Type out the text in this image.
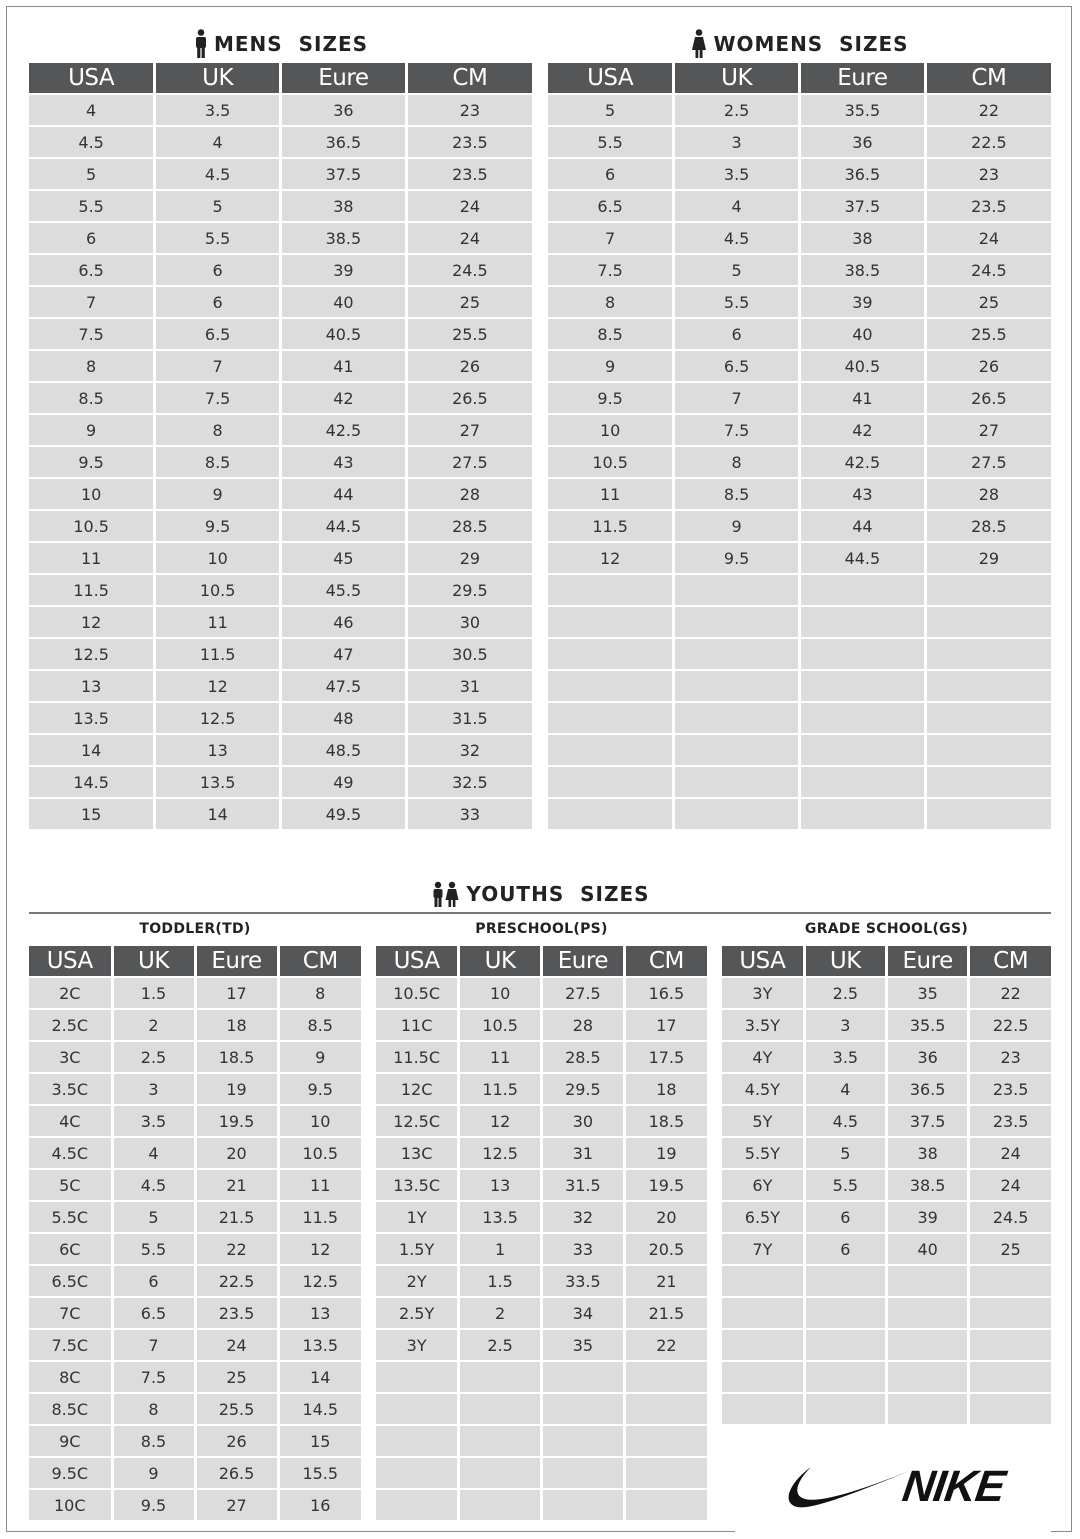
MENS  SIZES
USA	UK	Eure	CM
4	3.5	36	23
4.5	4	36.5	23.5
5	4.5	37.5	23.5
5.5	5	38	24
6	5.5	38.5	24
6.5	6	39	24.5
7	6	40	25
7.5	6.5	40.5	25.5
8	7	41	26
8.5	7.5	42	26.5
9	8	42.5	27
9.5	8.5	43	27.5
10	9	44	28
10.5	9.5	44.5	28.5
11	10	45	29
11.5	10.5	45.5	29.5
12	11	46	30
12.5	11.5	47	30.5
13	12	47.5	31
13.5	12.5	48	31.5
14	13	48.5	32
14.5	13.5	49	32.5
15	14	49.5	33
WOMENS  SIZES
USA	UK	Eure	CM
5	2.5	35.5	22
5.5	3	36	22.5
6	3.5	36.5	23
6.5	4	37.5	23.5
7	4.5	38	24
7.5	5	38.5	24.5
8	5.5	39	25
8.5	6	40	25.5
9	6.5	40.5	26
9.5	7	41	26.5
10	7.5	42	27
10.5	8	42.5	27.5
11	8.5	43	28
11.5	9	44	28.5
12	9.5	44.5	29

YOUTHS  SIZES
TODDLER(TD)
USA	UK	Eure	CM
2C	1.5	17	8
2.5C	2	18	8.5
3C	2.5	18.5	9
3.5C	3	19	9.5
4C	3.5	19.5	10
4.5C	4	20	10.5
5C	4.5	21	11
5.5C	5	21.5	11.5
6C	5.5	22	12
6.5C	6	22.5	12.5
7C	6.5	23.5	13
7.5C	7	24	13.5
8C	7.5	25	14
8.5C	8	25.5	14.5
9C	8.5	26	15
9.5C	9	26.5	15.5
10C	9.5	27	16
PRESCHOOL(PS)
USA	UK	Eure	CM
10.5C	10	27.5	16.5
11C	10.5	28	17
11.5C	11	28.5	17.5
12C	11.5	29.5	18
12.5C	12	30	18.5
13C	12.5	31	19
13.5C	13	31.5	19.5
1Y	13.5	32	20
1.5Y	1	33	20.5
2Y	1.5	33.5	21
2.5Y	2	34	21.5
3Y	2.5	35	22

GRADE SCHOOL(GS)
USA	UK	Eure	CM
3Y	2.5	35	22
3.5Y	3	35.5	22.5
4Y	3.5	36	23
4.5Y	4	36.5	23.5
5Y	4.5	37.5	23.5
5.5Y	5	38	24
6Y	5.5	38.5	24
6.5Y	6	39	24.5
7Y	6	40	25

NIKE
